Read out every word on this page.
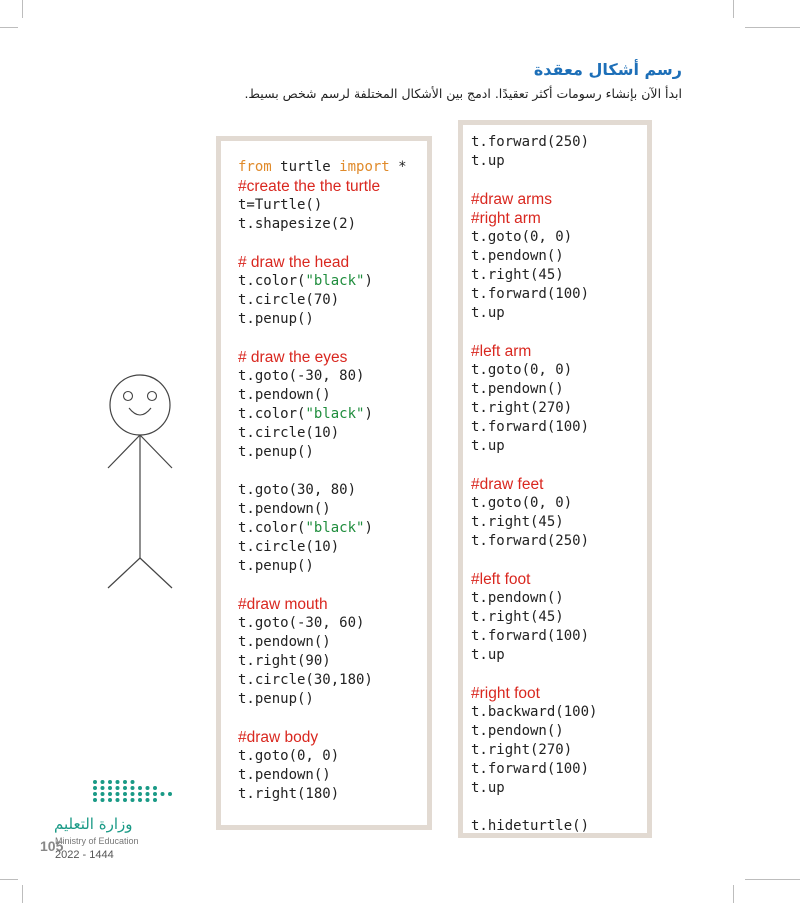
رسم أشكال معقدة
ابدأ الآن بإنشاء رسومات أكثر تعقيدًا. ادمج بين الأشكال المختلفة لرسم شخص بسيط.
from turtle import *
#create the the turtle
t=Turtle()
t.shapesize(2)
# draw the head
t.color("black")
t.circle(70)
t.penup()
# draw the eyes
t.goto(-30, 80)
t.pendown()
t.color("black")
t.circle(10)
t.penup()
t.goto(30, 80)
t.pendown()
t.color("black")
t.circle(10)
t.penup()
#draw mouth
t.goto(-30, 60)
t.pendown()
t.right(90)
t.circle(30,180)
t.penup()
#draw body
t.goto(0, 0)
t.pendown()
t.right(180)
t.forward(250)
t.up
#draw arms
#right arm
t.goto(0, 0)
t.pendown()
t.right(45)
t.forward(100)
t.up
#left arm
t.goto(0, 0)
t.pendown()
t.right(270)
t.forward(100)
t.up
#draw feet
t.goto(0, 0)
t.right(45)
t.forward(250)
#left foot
t.pendown()
t.right(45)
t.forward(100)
t.up
#right foot
t.backward(100)
t.pendown()
t.right(270)
t.forward(100)
t.up
t.hideturtle()
وزارة التعليم
Ministry of Education
105
2022 - 1444
